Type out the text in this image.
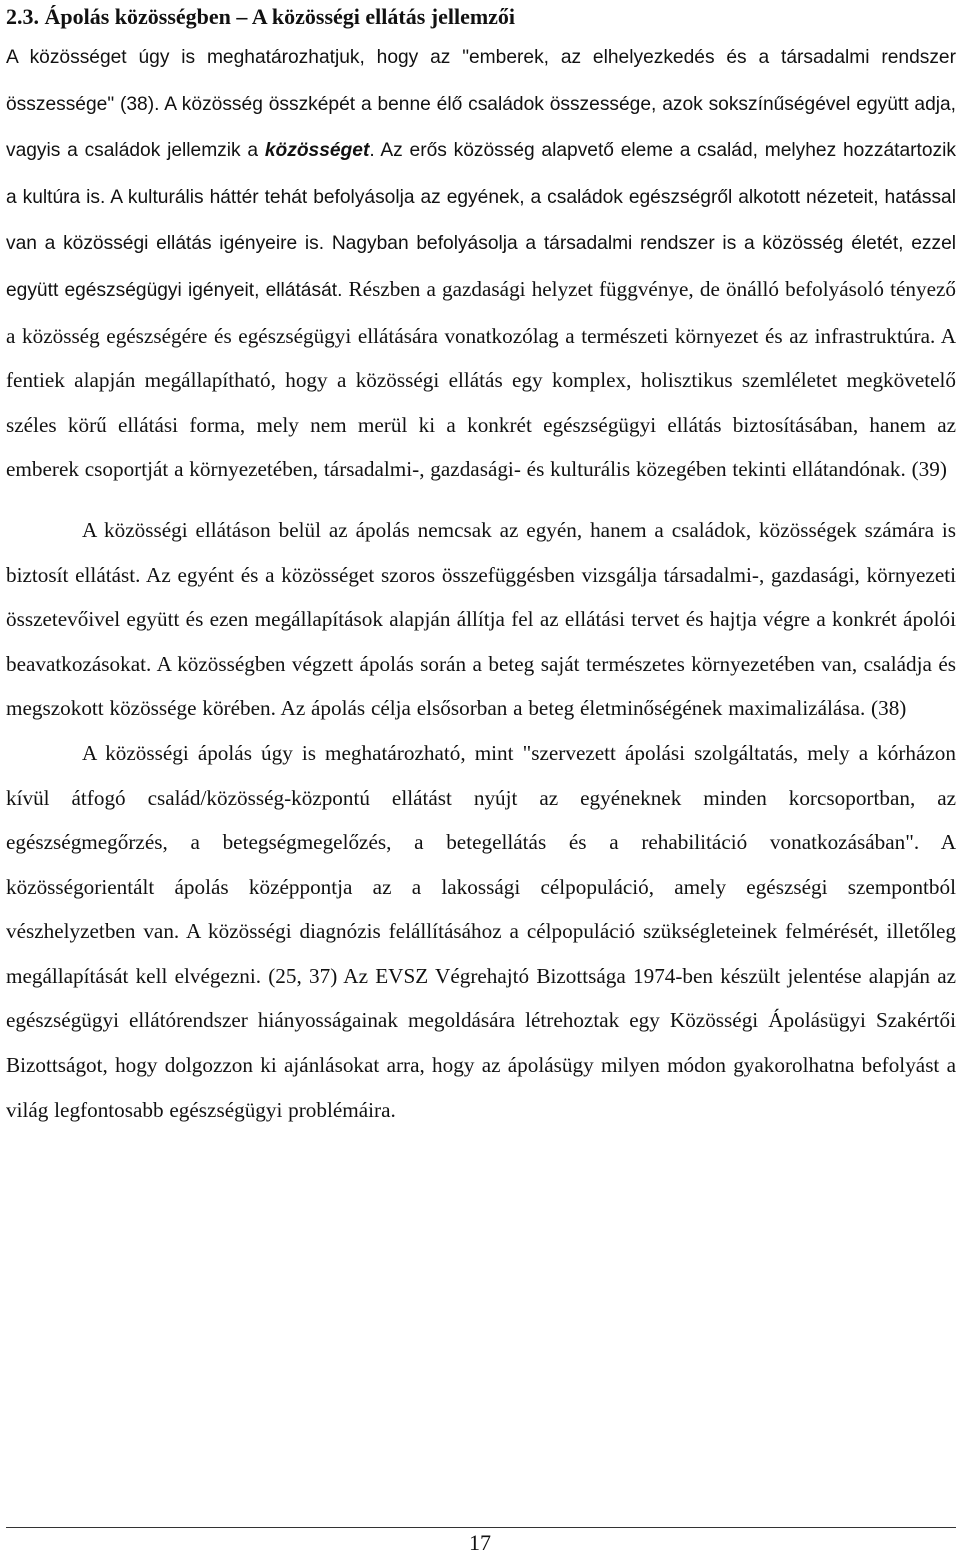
2.3. Ápolás közösségben – A közösségi ellátás jellemzői

A közösséget úgy is meghatározhatjuk, hogy az "emberek, az elhelyezkedés és a társadalmi rendszer összessége" (38). A közösség összképét a benne élő családok összessége, azok sokszínűségével együtt adja, vagyis a családok jellemzik a közösséget. Az erős közösség alapvető eleme a család, melyhez hozzátartozik a kultúra is. A kulturális háttér tehát befolyásolja az egyének, a családok egészségről alkotott nézeteit, hatással van a közösségi ellátás igényeire is. Nagyban befolyásolja a társadalmi rendszer is a közösség életét, ezzel együtt egészségügyi igényeit, ellátását. Részben a gazdasági helyzet függvénye, de önálló befolyásoló tényező a közösség egészségére és egészségügyi ellátására vonatkozólag a természeti környezet és az infrastruktúra. A fentiek alapján megállapítható, hogy a közösségi ellátás egy komplex, holisztikus szemléletet megkövetelő széles körű ellátási forma, mely nem merül ki a konkrét egészségügyi ellátás biztosításában, hanem az emberek csoportját a környezetében, társadalmi-, gazdasági- és kulturális közegében tekinti ellátandónak. (39)

A közösségi ellátáson belül az ápolás nemcsak az egyén, hanem a családok, közösségek számára is biztosít ellátást. Az egyént és a közösséget szoros összefüggésben vizsgálja társadalmi-, gazdasági, környezeti összetevőivel együtt és ezen megállapítások alapján állítja fel az ellátási tervet és hajtja végre a konkrét ápolói beavatkozásokat. A közösségben végzett ápolás során a beteg saját természetes környezetében van, családja és megszokott közössége körében. Az ápolás célja elsősorban a beteg életminőségének maximalizálása. (38)

A közösségi ápolás úgy is meghatározható, mint "szervezett ápolási szolgáltatás, mely a kórházon kívül átfogó család/közösség-központú ellátást nyújt az egyéneknek minden korcsoportban, az egészségmegőrzés, a betegségmegelőzés, a betegellátás és a rehabilitáció vonatkozásában". A közösségorientált ápolás középpontja az a lakossági célpopuláció, amely egészségi szempontból vészhelyzetben van. A közösségi diagnózis felállításához a célpopuláció szükségleteinek felmérését, illetőleg megállapítását kell elvégezni. (25, 37) Az EVSZ Végrehajtó Bizottsága 1974-ben készült jelentése alapján az egészségügyi ellátórendszer hiányosságainak megoldására létrehoztak egy Közösségi Ápolásügyi Szakértői Bizottságot, hogy dolgozzon ki ajánlásokat arra, hogy az ápolásügy milyen módon gyakorolhatna befolyást a világ legfontosabb egészségügyi problémáira.

17
